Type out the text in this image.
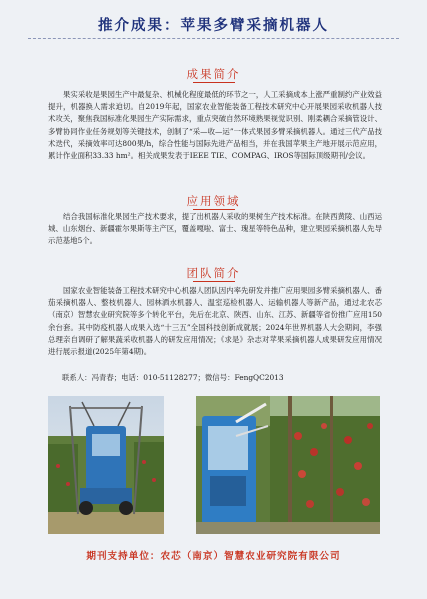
推介成果：苹果多臂采摘机器人
成果简介

果实采收是果园生产中最复杂、机械化程度最低的环节之一，人工采摘成本上涨严重制约产业效益提升，机器换人需求迫切。自2019年起，国家农业智能装备工程技术研究中心开展果园采收机器人技术攻关，聚焦我国标准化果园生产实际需求，重点突破自然环境熟果视觉识别、刚柔耦合采摘管设计、多臂协同作业任务规划等关键技术，创制了“采—收—运”一体式果园多臂采摘机器人。通过三代产品技术迭代，采摘效率可达800果/h，综合性能与国际先进产品相当，并在我国苹果主产地开展示范应用，累计作业面积33.33 hm²。相关成果发表于IEEE TIE、COMPAG、IROS等国际顶级期刊/会议。

应用领域

结合我国标准化果园生产技术要求，提了出机器人采收的果树生产技术标准。在陕西黄陵、山西运城、山东烟台、新疆霍尔果斯等主产区，覆盖嘎啦、富士、瑰星等特色品种，建立果园采摘机器人先导示范基地5个。

团队简介

国家农业智能装备工程技术研究中心机器人团队因内率先研发并推广应用果园多臂采摘机器人、番茄采摘机器人、整枝机器人、园林洒水机器人、温室巡检机器人、运输机器人等新产品，通过北农芯（南京）智慧农业研究院等多个转化平台，先后在北京、陕西、山东、江苏、新疆等省份推广应用150余台套。其中防疫机器人成果入选“十三五”全国科技创新成就展；2024年世界机器人大会期间，李强总理亲自调研了解果蔬采收机器人的研发应用情况；《求是》杂志对苹果采摘机器人成果研发应用情况进行展示报道(2025年第4期)。

联系人：冯青春；电话：010-51128277；微信号：FengQC2013
期刊支持单位：农芯（南京）智慧农业研究院有限公司
